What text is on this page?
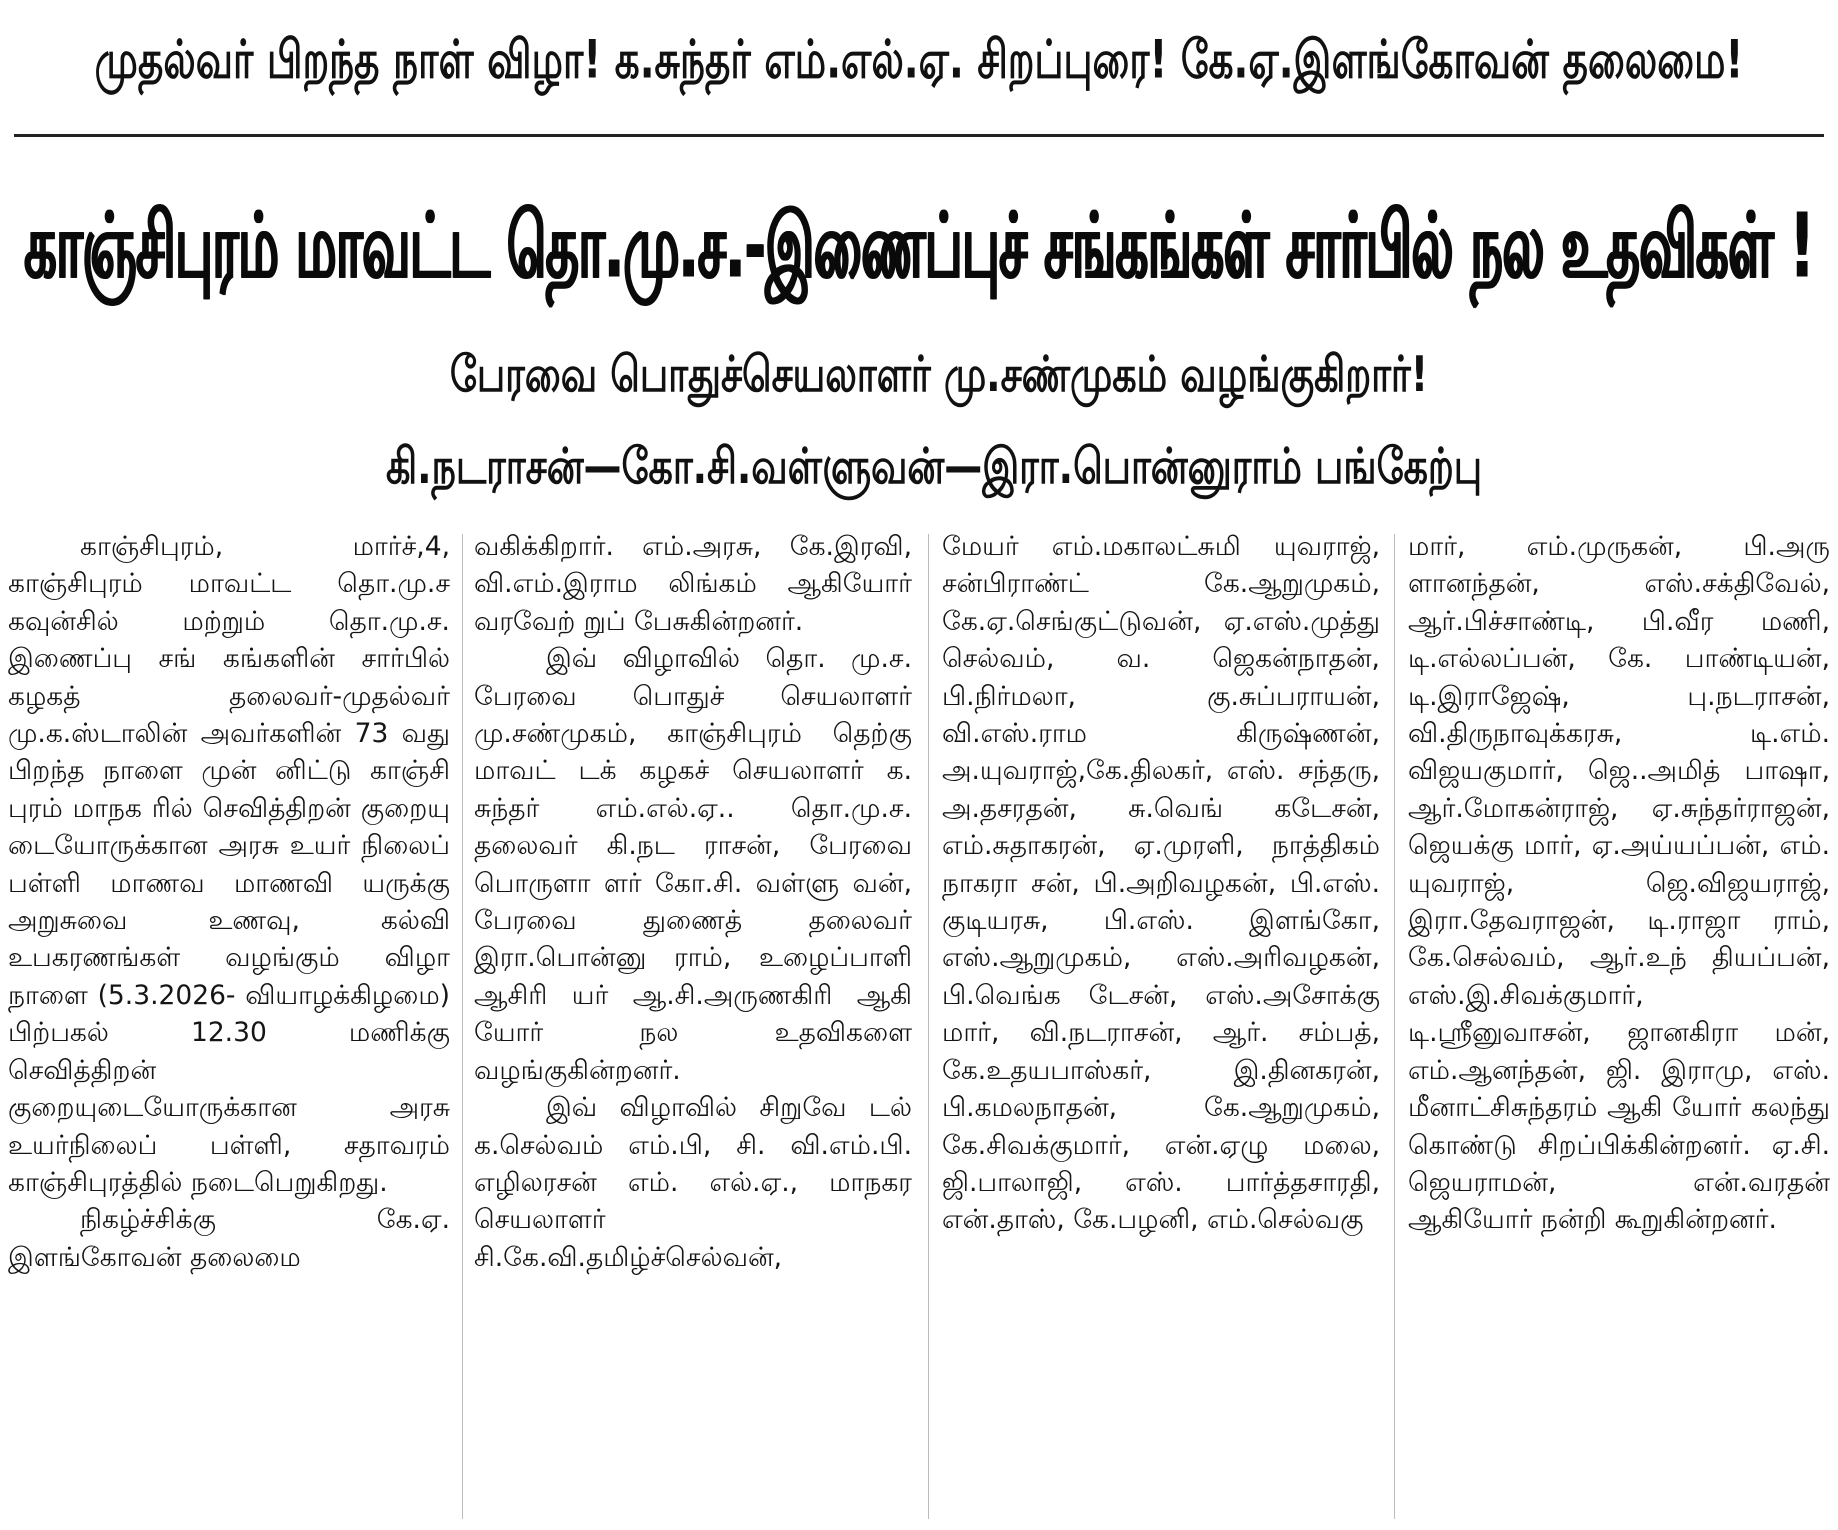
முதல்வர் பிறந்த நாள் விழா! க.சுந்தர் எம்.எல்.ஏ. சிறப்புரை! கே.ஏ.இளங்கோவன் தலைமை!
காஞ்சிபுரம் மாவட்ட தொ.மு.ச.-இணைப்புச் சங்கங்கள் சார்பில் நல உதவிகள் !
பேரவை பொதுச்செயலாளர் மு.சண்முகம் வழங்குகிறார்!
கி.நடராசன்—கோ.சி.வள்ளுவன்—இரா.பொன்னுராம் பங்கேற்பு

காஞ்சிபுரம், மார்ச்,4, காஞ்சிபுரம் மாவட்ட தொ.மு.ச கவுன்சில் மற்றும் தொ.மு.ச. இணைப்பு சங் கங்களின் சார்பில் கழகத் தலைவர்-முதல்வர் மு.க.ஸ்டாலின் அவர்களின் 73 வது பிறந்த நாளை முன் னிட்டு காஞ்சி புரம் மாநக ரில் செவித்திறன் குறையு டையோருக்கான அரசு உயர் நிலைப் பள்ளி மாணவ மாணவி யருக்கு அறுசுவை உணவு, கல்வி உபகரணங்கள் வழங்கும் விழா நாளை (5.3.2026- வியாழக்கிழமை) பிற்பகல் 12.30 மணிக்கு செவித்திறன் குறையுடையோருக்கான அரசு உயர்நிலைப் பள்ளி, சதாவரம் காஞ்சிபுரத்தில் நடைபெறுகிறது.

நிகழ்ச்சிக்கு கே.ஏ. இளங்கோவன் தலைமை

வகிக்கிறார். எம்.அரசு, கே.இரவி, வி.எம்.இராம லிங்கம் ஆகியோர் வரவேற் றுப் பேசுகின்றனர்.

இவ் விழாவில் தொ. மு.ச. பேரவை பொதுச் செயலாளர் மு.சண்முகம், காஞ்சிபுரம் தெற்கு மாவட் டக் கழகச் செயலாளர் க. சுந்தர் எம்.எல்.ஏ.. தொ.மு.ச. தலைவர் கி.நட ராசன், பேரவை பொருளா ளர் கோ.சி. வள்ளு வன், பேரவை துணைத் தலைவர் இரா.பொன்னு ராம், உழைப்பாளி ஆசிரி யர் ஆ.சி.அருணகிரி ஆகி யோர் நல உதவிகளை வழங்குகின்றனர்.

இவ் விழாவில் சிறுவே டல் க.செல்வம் எம்.பி, சி. வி.எம்.பி. எழிலரசன் எம். எல்.ஏ., மாநகர செயலாளர் சி.கே.வி.தமிழ்ச்செல்வன்,

மேயர் எம்.மகாலட்சுமி யுவராஜ், சன்பிராண்ட் கே.ஆறுமுகம், கே.ஏ.செங்குட்டுவன், ஏ.எஸ்.முத்து செல்வம், வ. ஜெகன்நாதன், பி.நிர்மலா, கு.சுப்பராயன், வி.எஸ்.ராம கிருஷ்ணன், அ.யுவராஜ்,கே.திலகர், எஸ். சந்தரு, அ.தசரதன், சு.வெங் கடேசன், எம்.சுதாகரன், ஏ.முரளி, நாத்திகம் நாகரா சன், பி.அறிவழகன், பி.எஸ். குடியரசு, பி.எஸ். இளங்கோ, எஸ்.ஆறுமுகம், எஸ்.அரிவழகன், பி.வெங்க டேசன், எஸ்.அசோக்கு மார், வி.நடராசன், ஆர். சம்பத், கே.உதயபாஸ்கர், இ.தினகரன், பி.கமலநாதன், கே.ஆறுமுகம், கே.சிவக்குமார், என்.ஏழு மலை, ஜி.பாலாஜி, எஸ். பார்த்தசாரதி, என்.தாஸ், கே.பழனி, எம்.செல்வகு

மார், எம்.முருகன், பி.அரு ளானந்தன், எஸ்.சக்திவேல், ஆர்.பிச்சாண்டி, பி.வீர மணி, டி.எல்லப்பன், கே. பாண்டியன், டி.இராஜேஷ், பு.நடராசன், வி.திருநாவுக்கரசு, டி.எம். விஜயகுமார், ஜெ..அமித் பாஷா, ஆர்.மோகன்ராஜ், ஏ.சுந்தர்ராஜன், ஜெயக்கு மார், ஏ.அய்யப்பன், எம். யுவராஜ், ஜெ.விஜயராஜ், இரா.தேவராஜன், டி.ராஜா ராம், கே.செல்வம், ஆர்.உந் தியப்பன், எஸ்.இ.சிவக்குமார், டி.ஸ்ரீனுவாசன், ஜானகிரா மன், எம்.ஆனந்தன், ஜி. இராமு, எஸ். மீனாட்சிசுந்தரம் ஆகி யோர் கலந்து கொண்டு சிறப்பிக்கின்றனர். ஏ.சி. ஜெயராமன், என்.வரதன் ஆகியோர் நன்றி கூறுகின்றனர்.
